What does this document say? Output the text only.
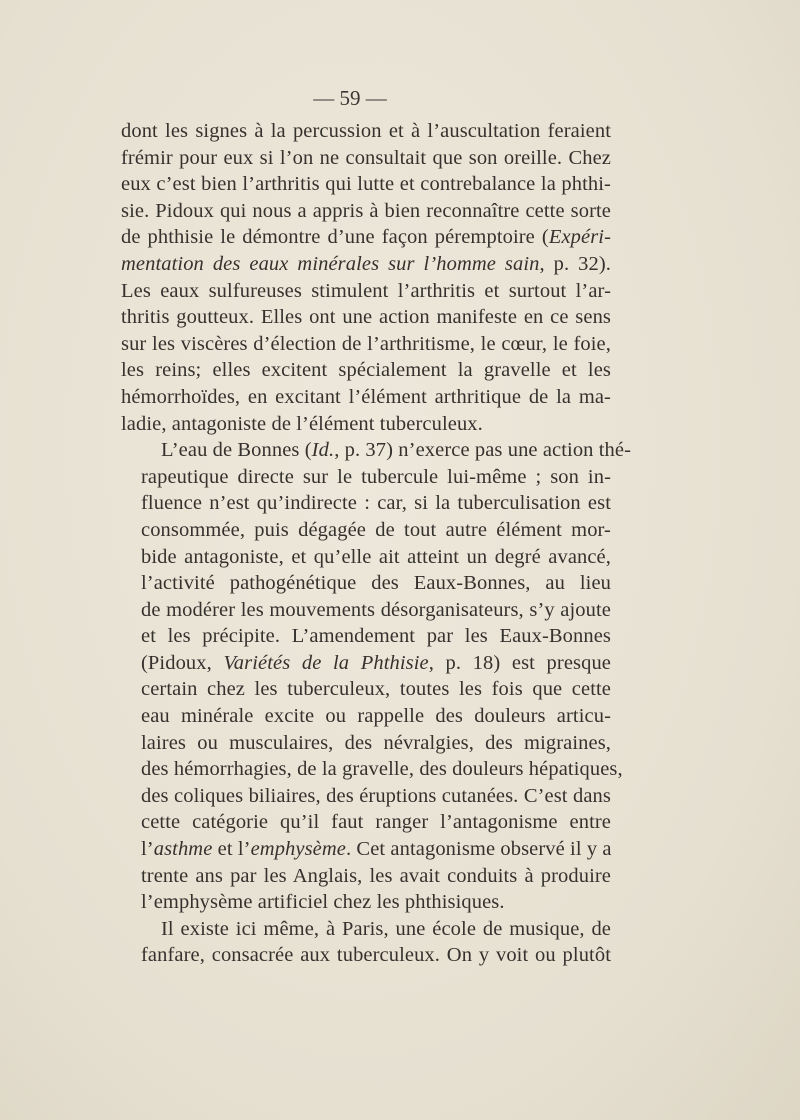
— 59 —

dont les signes à la percussion et à l’auscultation feraient
frémir pour eux si l’on ne consultait que son oreille. Chez
eux c’est bien l’arthritis qui lutte et contrebalance la phthi-
sie. Pidoux qui nous a appris à bien reconnaître cette sorte
de phthisie le démontre d’une façon péremptoire (Expéri-
mentation des eaux minérales sur l’homme sain, p. 32).
Les eaux sulfureuses stimulent l’arthritis et surtout l’ar-
thritis goutteux. Elles ont une action manifeste en ce sens
sur les viscères d’élection de l’arthritisme, le cœur, le foie,
les reins; elles excitent spécialement la gravelle et les
hémorrhoïdes, en excitant l’élément arthritique de la ma-
ladie, antagoniste de l’élément tuberculeux.

L’eau de Bonnes (Id., p. 37) n’exerce pas une action thé-
rapeutique directe sur le tubercule lui-même ; son in-
fluence n’est qu’indirecte : car, si la tuberculisation est
consommée, puis dégagée de tout autre élément mor-
bide antagoniste, et qu’elle ait atteint un degré avancé,
l’activité pathogénétique des Eaux-Bonnes, au lieu
de modérer les mouvements désorganisateurs, s’y ajoute
et les précipite. L’amendement par les Eaux-Bonnes
(Pidoux, Variétés de la Phthisie, p. 18) est presque
certain chez les tuberculeux, toutes les fois que cette
eau minérale excite ou rappelle des douleurs articu-
laires ou musculaires, des névralgies, des migraines,
des hémorrhagies, de la gravelle, des douleurs hépatiques,
des coliques biliaires, des éruptions cutanées. C’est dans
cette catégorie qu’il faut ranger l’antagonisme entre
l’asthme et l’emphysème. Cet antagonisme observé il y a
trente ans par les Anglais, les avait conduits à produire
l’emphysème artificiel chez les phthisiques.

Il existe ici même, à Paris, une école de musique, de
fanfare, consacrée aux tuberculeux. On y voit ou plutôt
